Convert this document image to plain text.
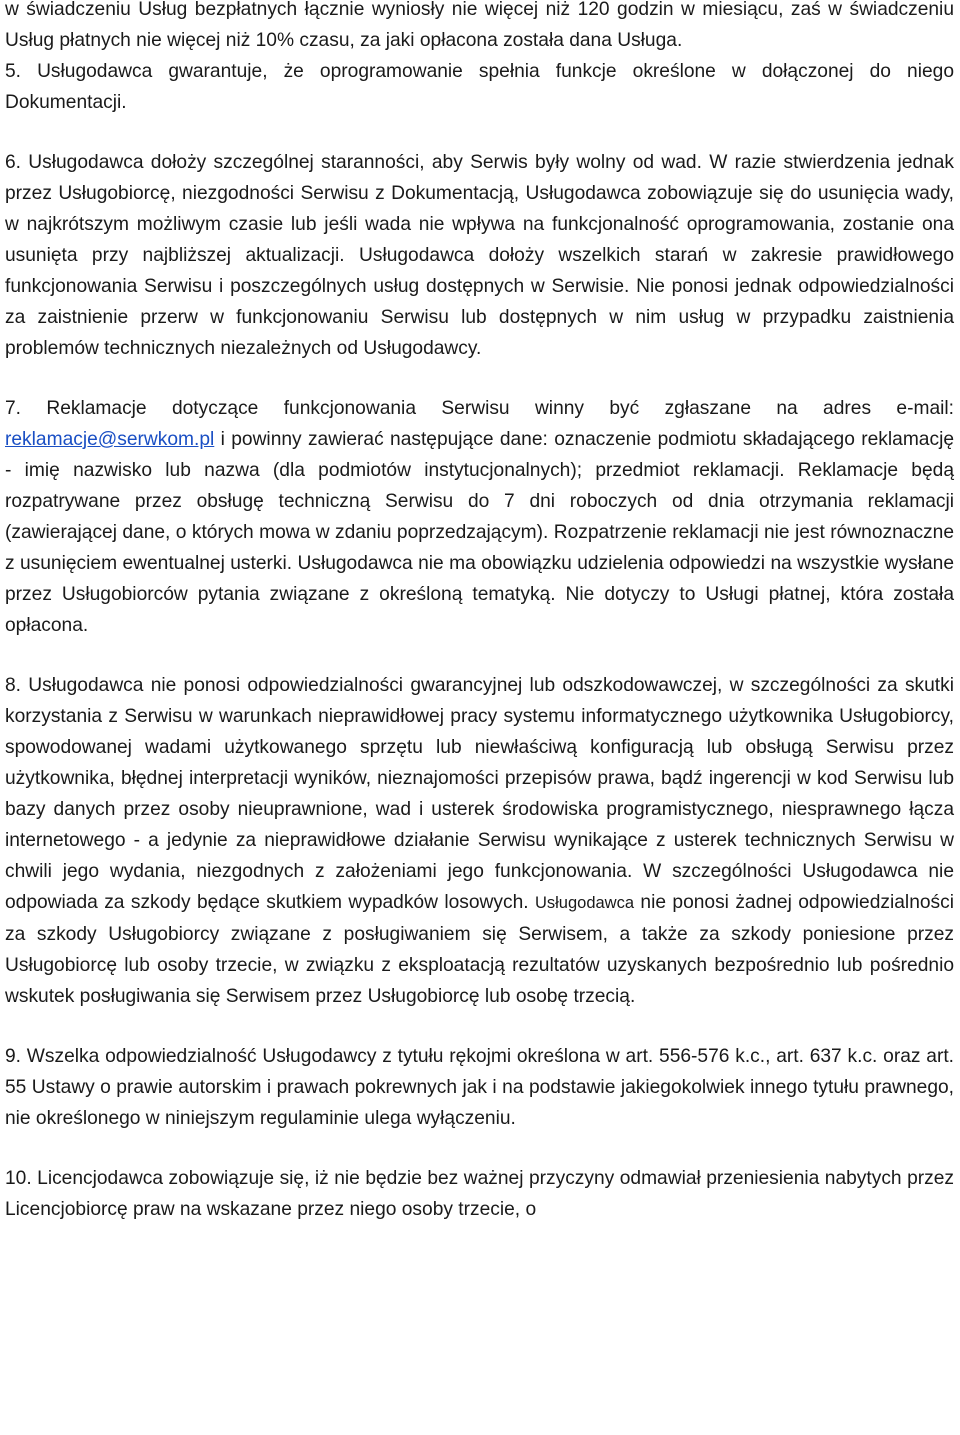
w świadczeniu Usług bezpłatnych łącznie wyniosły nie więcej niż 120 godzin w miesiącu, zaś w świadczeniu Usług płatnych nie więcej niż 10% czasu, za jaki opłacona została dana Usługa.

5. Usługodawca gwarantuje, że oprogramowanie spełnia funkcje określone w dołączonej do niego Dokumentacji.

6. Usługodawca dołoży szczególnej staranności, aby Serwis były wolny od wad. W razie stwierdzenia jednak przez Usługobiorcę, niezgodności Serwisu z Dokumentacją, Usługodawca zobowiązuje się do usunięcia wady, w najkrótszym możliwym czasie lub jeśli wada nie wpływa na funkcjonalność oprogramowania, zostanie ona usunięta przy najbliższej aktualizacji. Usługodawca dołoży wszelkich starań w zakresie prawidłowego funkcjonowania Serwisu i poszczególnych usług dostępnych w Serwisie. Nie ponosi jednak odpowiedzialności za zaistnienie przerw w funkcjonowaniu Serwisu lub dostępnych w nim usług w przypadku zaistnienia problemów technicznych niezależnych od Usługodawcy.

7. Reklamacje dotyczące funkcjonowania Serwisu winny być zgłaszane na adres e-mail: reklamacje@serwkom.pl i powinny zawierać następujące dane: oznaczenie podmiotu składającego reklamację - imię nazwisko lub nazwa (dla podmiotów instytucjonalnych); przedmiot reklamacji. Reklamacje będą rozpatrywane przez obsługę techniczną Serwisu do 7 dni roboczych od dnia otrzymania reklamacji (zawierającej dane, o których mowa w zdaniu poprzedzającym). Rozpatrzenie reklamacji nie jest równoznaczne z usunięciem ewentualnej usterki. Usługodawca nie ma obowiązku udzielenia odpowiedzi na wszystkie wysłane przez Usługobiorców pytania związane z określoną tematyką. Nie dotyczy to Usługi płatnej, która została opłacona.

8. Usługodawca nie ponosi odpowiedzialności gwarancyjnej lub odszkodowawczej, w szczególności za skutki korzystania z Serwisu w warunkach nieprawidłowej pracy systemu informatycznego użytkownika Usługobiorcy, spowodowanej wadami użytkowanego sprzętu lub niewłaściwą konfiguracją lub obsługą Serwisu przez użytkownika, błędnej interpretacji wyników, nieznajomości przepisów prawa, bądź ingerencji w kod Serwisu lub bazy danych przez osoby nieuprawnione, wad i usterek środowiska programistycznego, niesprawnego łącza internetowego - a jedynie za nieprawidłowe działanie Serwisu wynikające z usterek technicznych Serwisu w chwili jego wydania, niezgodnych z założeniami jego funkcjonowania. W szczególności Usługodawca nie odpowiada za szkody będące skutkiem wypadków losowych. Usługodawca nie ponosi żadnej odpowiedzialności za szkody Usługobiorcy związane z posługiwaniem się Serwisem, a także za szkody poniesione przez Usługobiorcę lub osoby trzecie, w związku z eksploatacją rezultatów uzyskanych bezpośrednio lub pośrednio wskutek posługiwania się Serwisem przez Usługobiorcę lub osobę trzecią.

9. Wszelka odpowiedzialność Usługodawcy z tytułu rękojmi określona w art. 556-576 k.c., art. 637 k.c. oraz art. 55 Ustawy o prawie autorskim i prawach pokrewnych jak i na podstawie jakiegokolwiek innego tytułu prawnego, nie określonego w niniejszym regulaminie ulega wyłączeniu.

10. Licencjodawca zobowiązuje się, iż nie będzie bez ważnej przyczyny odmawiał przeniesienia nabytych przez Licencjobiorcę praw na wskazane przez niego osoby trzecie, o
